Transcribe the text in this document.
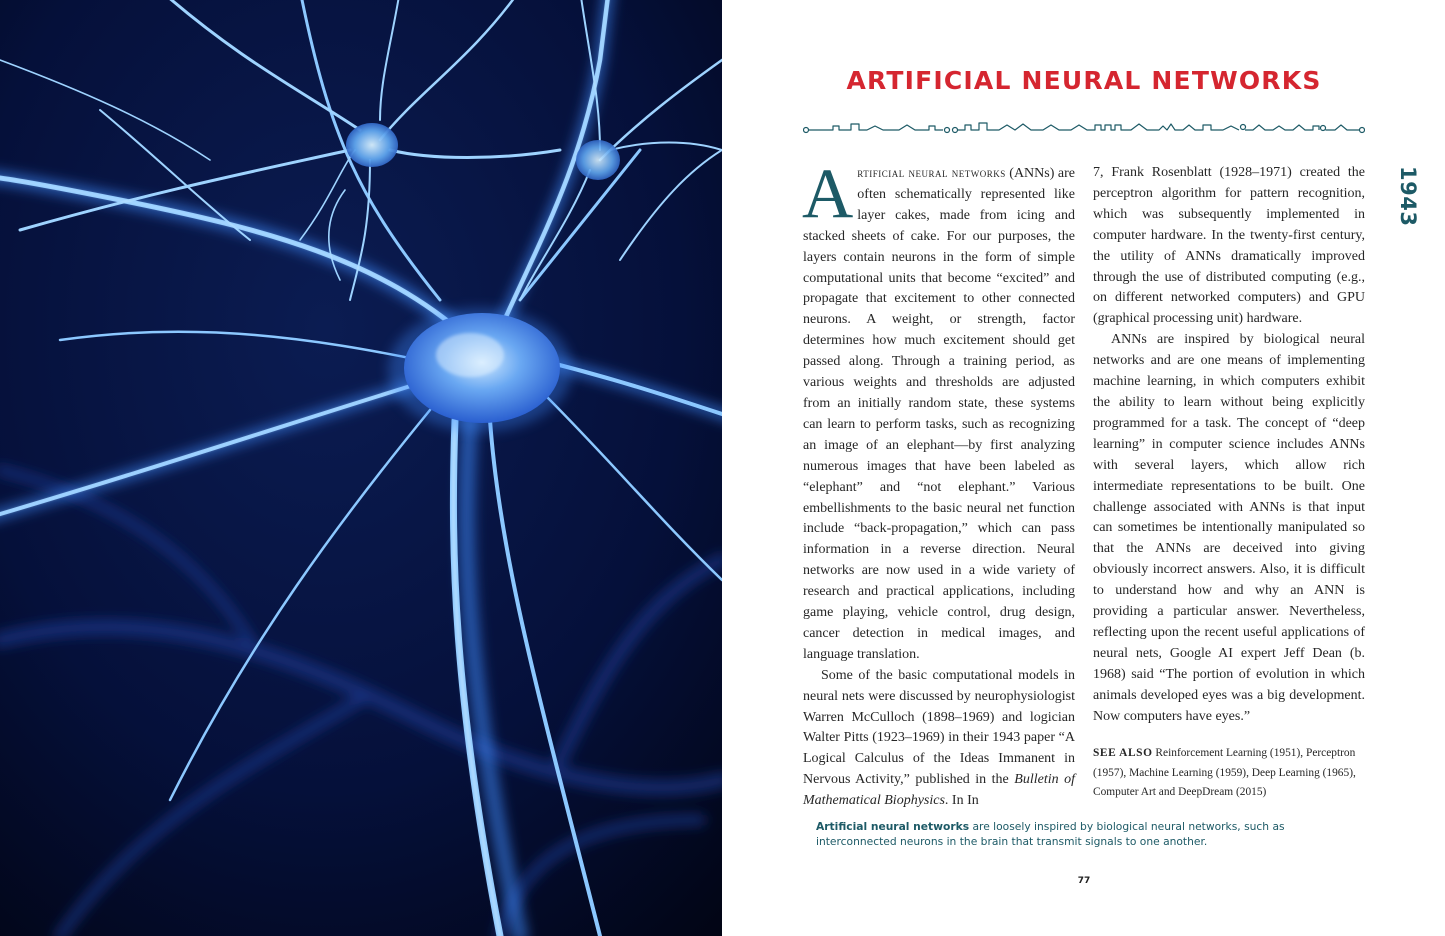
ARTIFICIAL NEURAL NETWORKS
1943

Artificial neural networks (ANNs) are often schematically represented like layer cakes, made from icing and stacked sheets of cake. For our purposes, the layers contain neurons in the form of simple computational units that become “excited” and propagate that excitement to other connected neurons. A weight, or strength, factor determines how much excitement should get passed along. Through a training period, as various weights and thresholds are adjusted from an initially random state, these systems can learn to perform tasks, such as recognizing an image of an elephant—by first analyzing numerous images that have been labeled as “elephant” and “not elephant.” Various embellishments to the basic neural net function include “back-propagation,” which can pass information in a reverse direction. Neural networks are now used in a wide variety of research and practical applications, including game playing, vehicle control, drug design, cancer detection in medical images, and language translation.

Some of the basic computational models in neural nets were discussed by neurophysiologist Warren McCulloch (1898–1969) and logician Walter Pitts (1923–1969) in their 1943 paper “A Logical Calculus of the Ideas Immanent in Nervous Activity,” published in the Bulletin of Mathematical Biophysics. In In

7, Frank Rosenblatt (1928–1971) created the perceptron algorithm for pattern recognition, which was subsequently implemented in computer hardware. In the twenty-first century, the utility of ANNs dramatically improved through the use of distributed computing (e.g., on different networked computers) and GPU (graphical processing unit) hardware.

ANNs are inspired by biological neural networks and are one means of implementing machine learning, in which computers exhibit the ability to learn without being explicitly programmed for a task. The concept of “deep learning” in computer science includes ANNs with several layers, which allow rich intermediate representations to be built. One challenge associated with ANNs is that input can sometimes be intentionally manipulated so that the ANNs are deceived into giving obviously incorrect answers. Also, it is difficult to understand how and why an ANN is providing a particular answer. Nevertheless, reflecting upon the recent useful applications of neural nets, Google AI expert Jeff Dean (b. 1968) said “The portion of evolution in which animals developed eyes was a big development. Now computers have eyes.”

SEE ALSO Reinforcement Learning (1951), Perceptron (1957), Machine Learning (1959), Deep Learning (1965), Computer Art and DeepDream (2015)
Artificial neural networks are loosely inspired by biological neural networks, such as interconnected neurons in the brain that transmit signals to one another.
77
